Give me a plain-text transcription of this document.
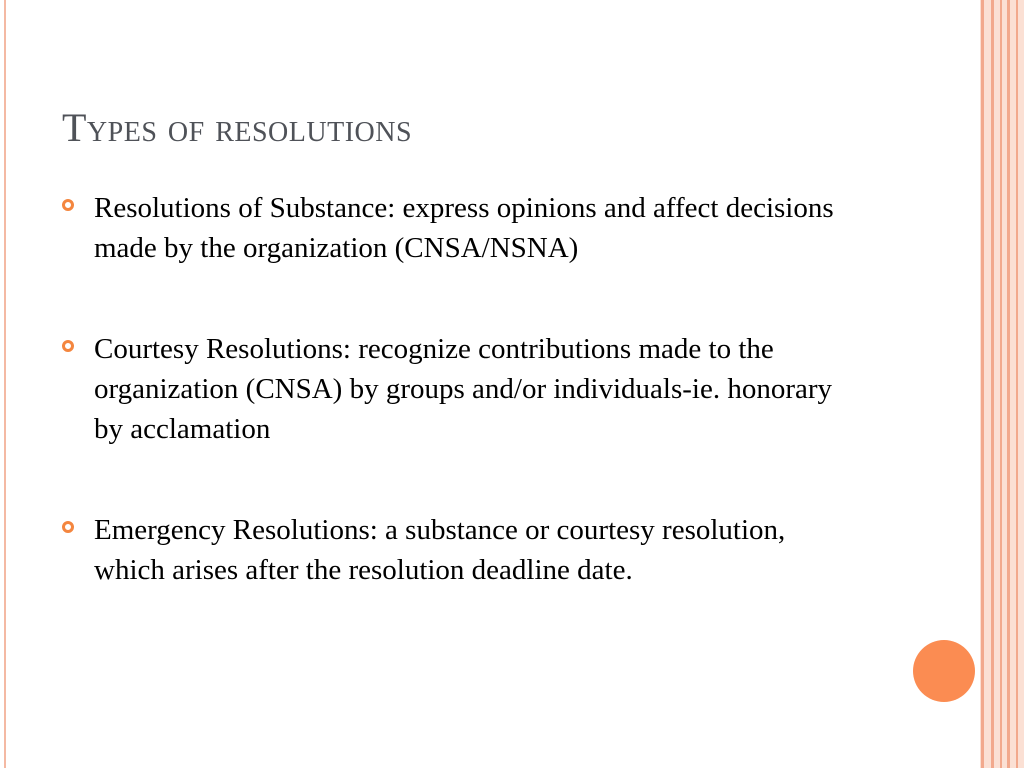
Types of resolutions
Resolutions of Substance: express opinions and affect decisions made by the organization (CNSA/NSNA)
Courtesy Resolutions: recognize contributions made to the organization (CNSA) by groups and/or individuals-ie. honorary by acclamation
Emergency Resolutions: a substance or courtesy resolution, which arises after the resolution deadline date.
